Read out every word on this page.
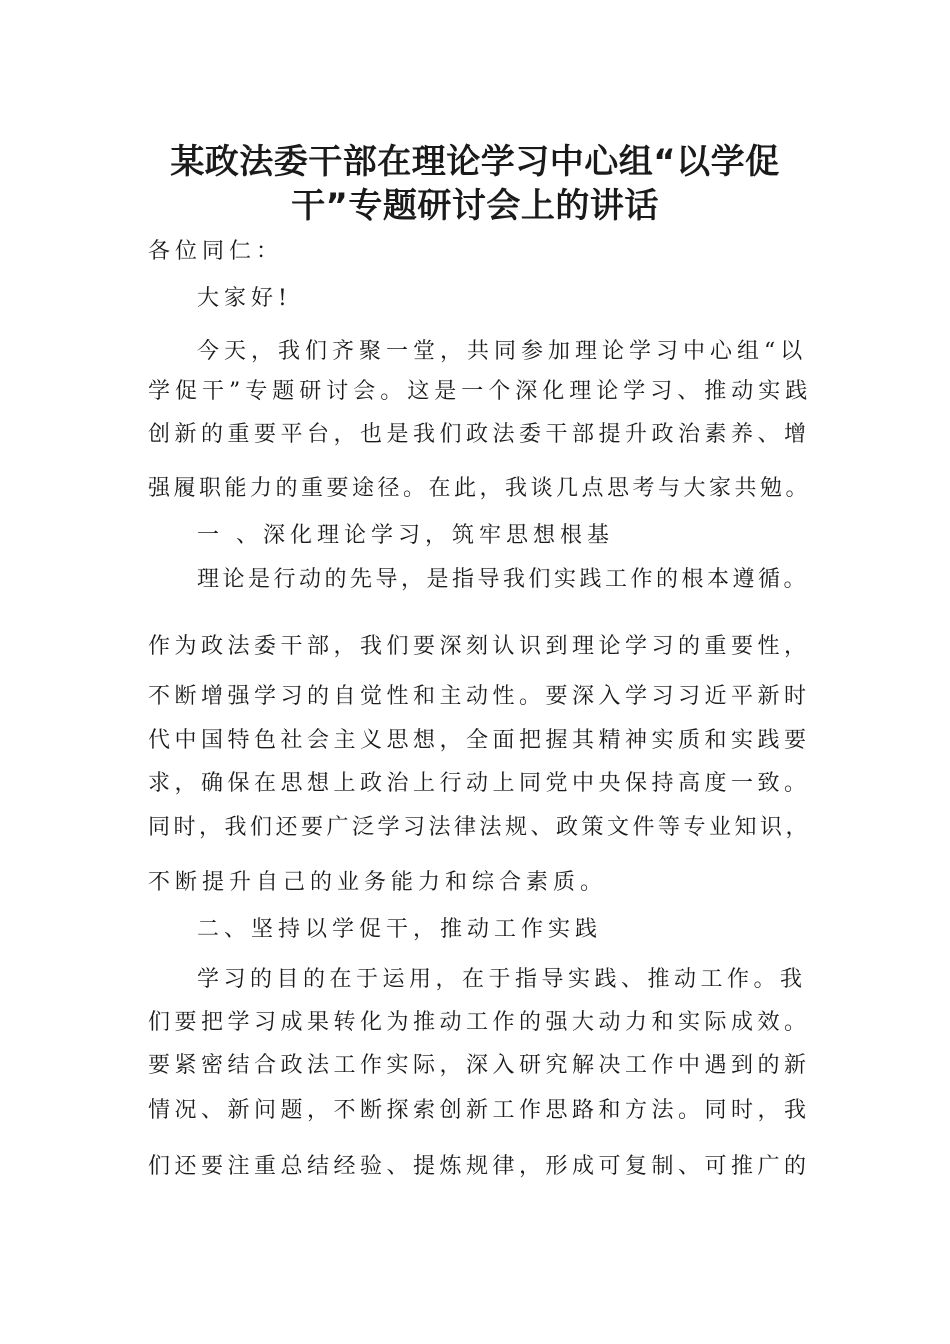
某政法委干部在理论学习中心组“以学促
干”专题研讨会上的讲话

各位同仁：

大家好!

今天，我们齐聚一堂，共同参加理论学习中心组“以

学促干”专题研讨会。这是一个深化理论学习、推动实践

创新的重要平台，也是我们政法委干部提升政治素养、增

强履职能力的重要途径。在此，我谈几点思考与大家共勉。

一 、深化理论学习，筑牢思想根基

理论是行动的先导，是指导我们实践工作的根本遵循。

作为政法委干部，我们要深刻认识到理论学习的重要性，

不断增强学习的自觉性和主动性。要深入学习习近平新时

代中国特色社会主义思想，全面把握其精神实质和实践要

求，确保在思想上政治上行动上同党中央保持高度一致。

同时，我们还要广泛学习法律法规、政策文件等专业知识，

不断提升自己的业务能力和综合素质。

二、坚持以学促干，推动工作实践

学习的目的在于运用，在于指导实践、推动工作。我

们要把学习成果转化为推动工作的强大动力和实际成效。

要紧密结合政法工作实际，深入研究解决工作中遇到的新

情况、新问题，不断探索创新工作思路和方法。同时，我

们还要注重总结经验、提炼规律，形成可复制、可推广的
